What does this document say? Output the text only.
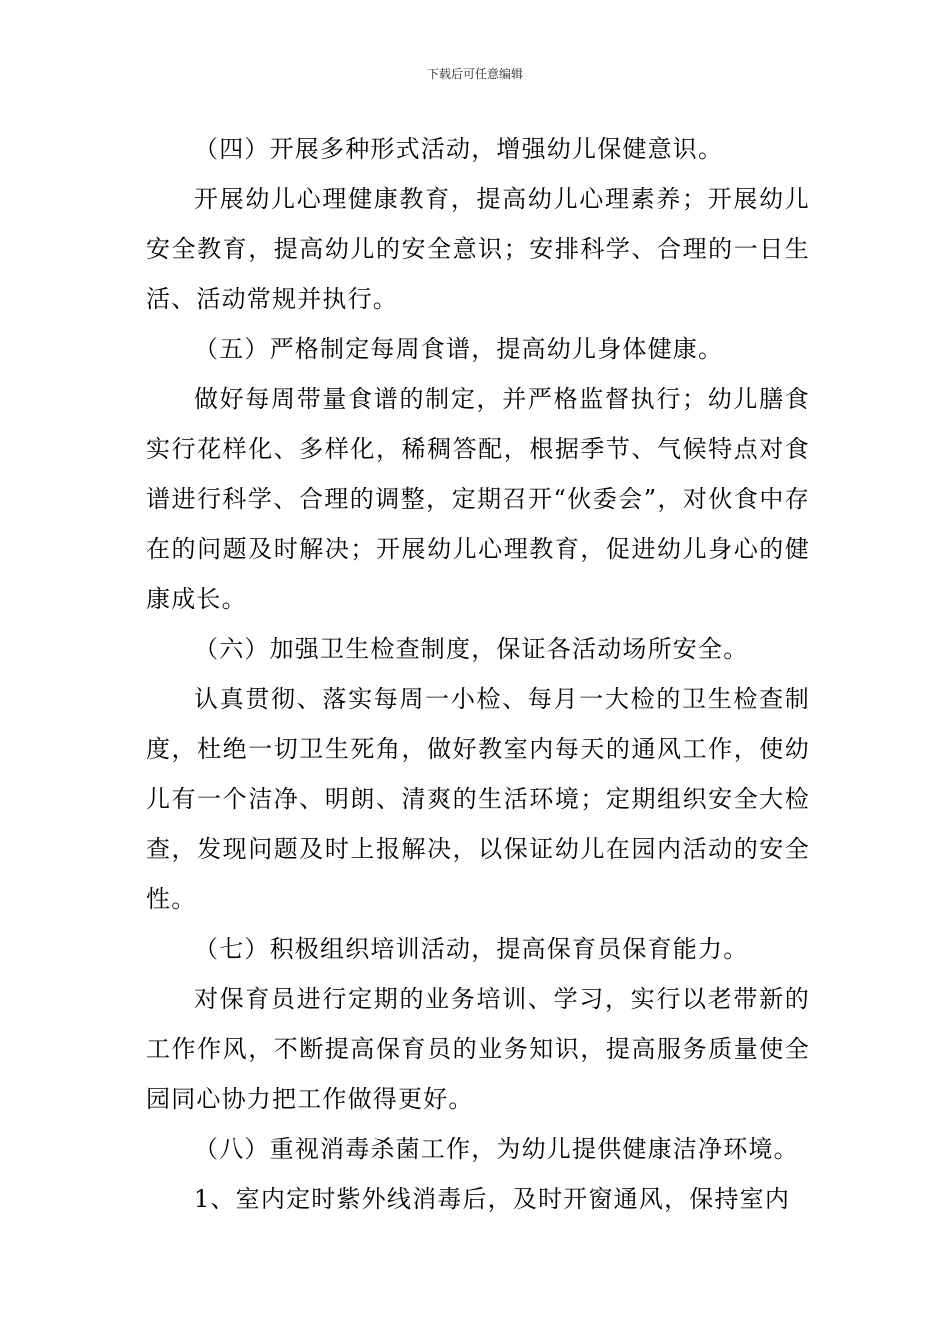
下载后可任意编辑

（四）开展多种形式活动，增强幼儿保健意识。

开展幼儿心理健康教育，提高幼儿心理素养；开展幼儿安全教育，提高幼儿的安全意识；安排科学、合理的一日生活、活动常规并执行。

（五）严格制定每周食谱，提高幼儿身体健康。

做好每周带量食谱的制定，并严格监督执行；幼儿膳食实行花样化、多样化，稀稠答配，根据季节、气候特点对食谱进行科学、合理的调整，定期召开“伙委会”，对伙食中存在的问题及时解决；开展幼儿心理教育，促进幼儿身心的健康成长。

（六）加强卫生检查制度，保证各活动场所安全。

认真贯彻、落实每周一小检、每月一大检的卫生检查制度，杜绝一切卫生死角，做好教室内每天的通风工作，使幼儿有一个洁净、明朗、清爽的生活环境；定期组织安全大检查，发现问题及时上报解决，以保证幼儿在园内活动的安全性。

（七）积极组织培训活动，提高保育员保育能力。

对保育员进行定期的业务培训、学习，实行以老带新的工作作风，不断提高保育员的业务知识，提高服务质量使全园同心协力把工作做得更好。

（八）重视消毒杀菌工作，为幼儿提供健康洁净环境。

1、室内定时紫外线消毒后，及时开窗通风，保持室内
